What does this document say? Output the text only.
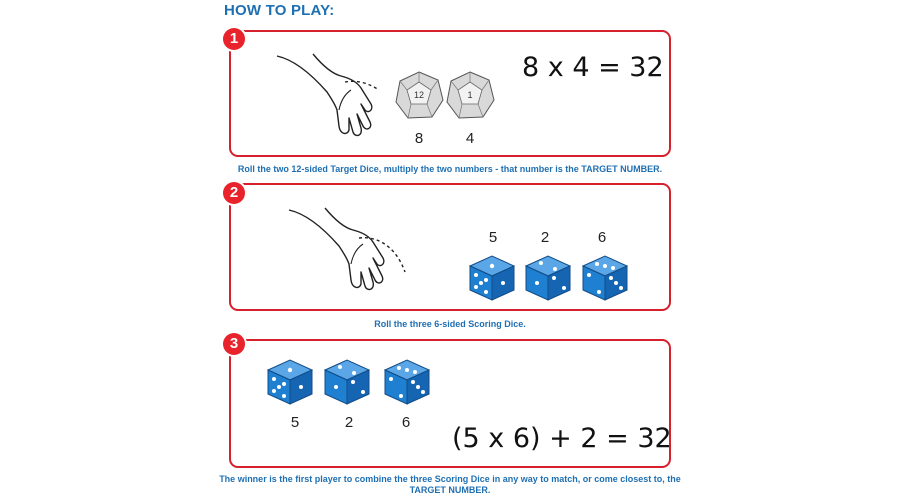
HOW TO PLAY:
1
12	1
8	4
8 x 4 = 32
Roll the two 12-sided Target Dice, multiply the two numbers - that number is the TARGET NUMBER.
2
5	2	6
Roll the three 6-sided Scoring Dice.
3
5	2	6
(5 x 6) + 2 = 32
The winner is the first player to combine the three Scoring Dice in any way to match, or come closest to, the
TARGET NUMBER.
